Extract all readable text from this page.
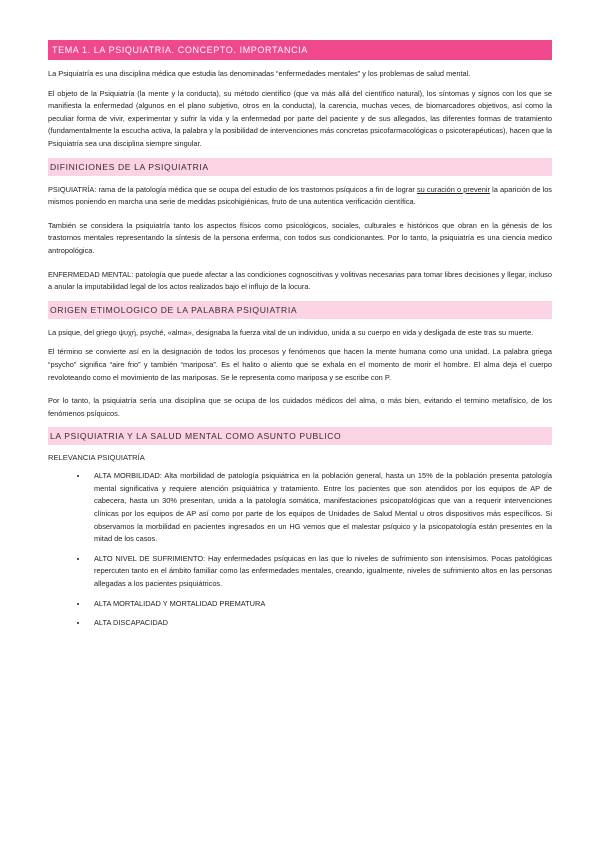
TEMA 1. LA PSIQUIATRIA. CONCEPTO. IMPORTANCIA

La Psiquiatría es una disciplina médica que estudia las denominadas “enfermedades mentales” y los problemas de salud mental.

El objeto de la Psiquiatría (la mente y la conducta), su método científico (que va más allá del científico natural), los síntomas y signos con los que se manifiesta la enfermedad (algunos en el plano subjetivo, otros en la conducta), la carencia, muchas veces, de biomarcadores objetivos, así como la peculiar forma de vivir, experimentar y sufrir la vida y la enfermedad por parte del paciente y de sus allegados, las diferentes formas de tratamiento (fundamentalmente la escucha activa, la palabra y la posibilidad de intervenciones más concretas psicofarmacológicas o psicoterapéuticas), hacen que la Psiquiatría sea una disciplina siempre singular.

DIFINICIONES DE LA PSIQUIATRIA

PSIQUIATRÍA: rama de la patología médica que se ocupa del estudio de los trastornos psíquicos a fin de lograr su curación o prevenir la aparición de los mismos poniendo en marcha una serie de medidas psicohigiénicas, fruto de una autentica verificación científica.

También se considera la psiquiatría tanto los aspectos físicos como psicológicos, sociales, culturales e históricos que obran en la génesis de los trastornos mentales representando la síntesis de la persona enferma, con todos sus condicionantes. Por lo tanto, la psiquiatría es una ciencia medico antropológica.

ENFERMEDAD MENTAL: patología que puede afectar a las condiciones cognoscitivas y volitivas necesarias para tomar libres decisiones y llegar, incluso a anular la imputabilidad legal de los actos realizados bajo el influjo de la locura.

ORIGEN ETIMOLOGICO DE LA PALABRA PSIQUIATRIA

La psique, del griego ψυχή, psyché, «alma», designaba la fuerza vital de un individuo, unida a su cuerpo en vida y desligada de este tras su muerte.

El término se convierte así en la designación de todos los procesos y fenómenos que hacen la mente humana como una unidad. La palabra griega “psycho” significa “aire frio” y también “mariposa”. Es el halito o aliento que se exhala en el momento de morir el hombre. El alma deja el cuerpo revoloteando como el movimiento de las mariposas. Se le representa como mariposa y se escribe con P.

Por lo tanto, la psiquiatría sería una disciplina que se ocupa de los cuidados médicos del alma, o más bien, evitando el termino metafísico, de los fenómenos psíquicos.

LA PSIQUIATRIA Y LA SALUD MENTAL COMO ASUNTO PUBLICO
RELEVANCIA PSIQUIATRÍA
• ALTA MORBILIDAD: Alta morbilidad de patología psiquiátrica en la población general, hasta un 15% de la población presenta patología mental significativa y requiere atención psiquiátrica y tratamiento. Entre los pacientes que son atendidos por los equipos de AP de cabecera, hasta un 30% presentan, unida a la patología somática, manifestaciones psicopatológicas que van a requerir intervenciones clínicas por los equipos de AP así como por parte de los equipos de Unidades de Salud Mental u otros dispositivos más específicos. Si observamos la morbilidad en pacientes ingresados en un HG vemos que el malestar psíquico y la psicopatología están presentes en la mitad de los casos.
• ALTO NIVEL DE SUFRIMIENTO: Hay enfermedades psíquicas en las que lo niveles de sufrimiento son intensísimos. Pocas patológicas repercuten tanto en el ámbito familiar como las enfermedades mentales, creando, igualmente, niveles de sufrimiento altos en las personas allegadas a los pacientes psiquiátricos.
• ALTA MORTALIDAD Y MORTALIDAD PREMATURA
• ALTA DISCAPACIDAD
